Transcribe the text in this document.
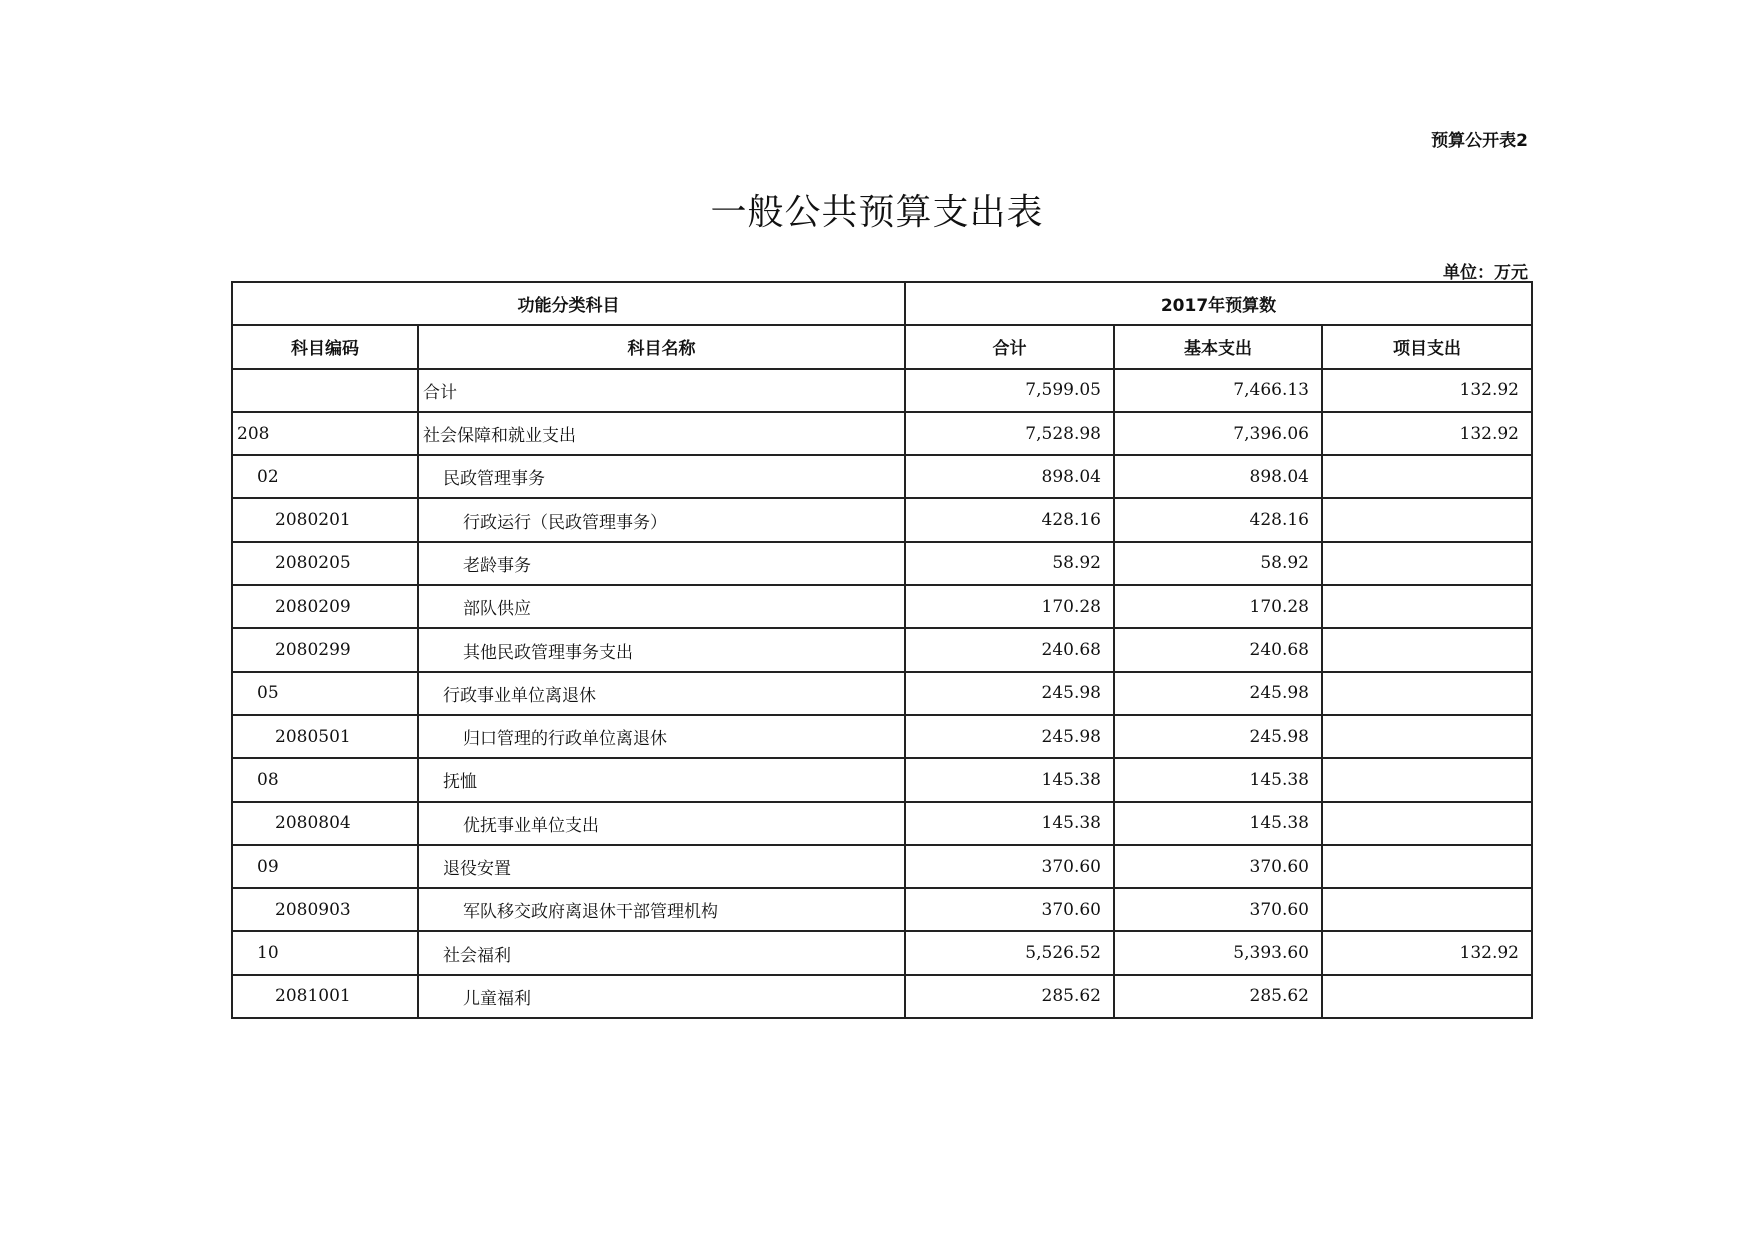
预算公开表2
一般公共预算支出表
单位：万元
功能分类科目		2017年预算数		
科目编码	科目名称	合计	基本支出	项目支出
	合计	7,599.05	7,466.13	132.92
208	社会保障和就业支出	7,528.98	7,396.06	132.92
02	民政管理事务	898.04	898.04	
2080201	行政运行（民政管理事务）	428.16	428.16	
2080205	老龄事务	58.92	58.92	
2080209	部队供应	170.28	170.28	
2080299	其他民政管理事务支出	240.68	240.68	
05	行政事业单位离退休	245.98	245.98	
2080501	归口管理的行政单位离退休	245.98	245.98	
08	抚恤	145.38	145.38	
2080804	优抚事业单位支出	145.38	145.38	
09	退役安置	370.60	370.60	
2080903	军队移交政府离退休干部管理机构	370.60	370.60	
10	社会福利	5,526.52	5,393.60	132.92
2081001	儿童福利	285.62	285.62	
